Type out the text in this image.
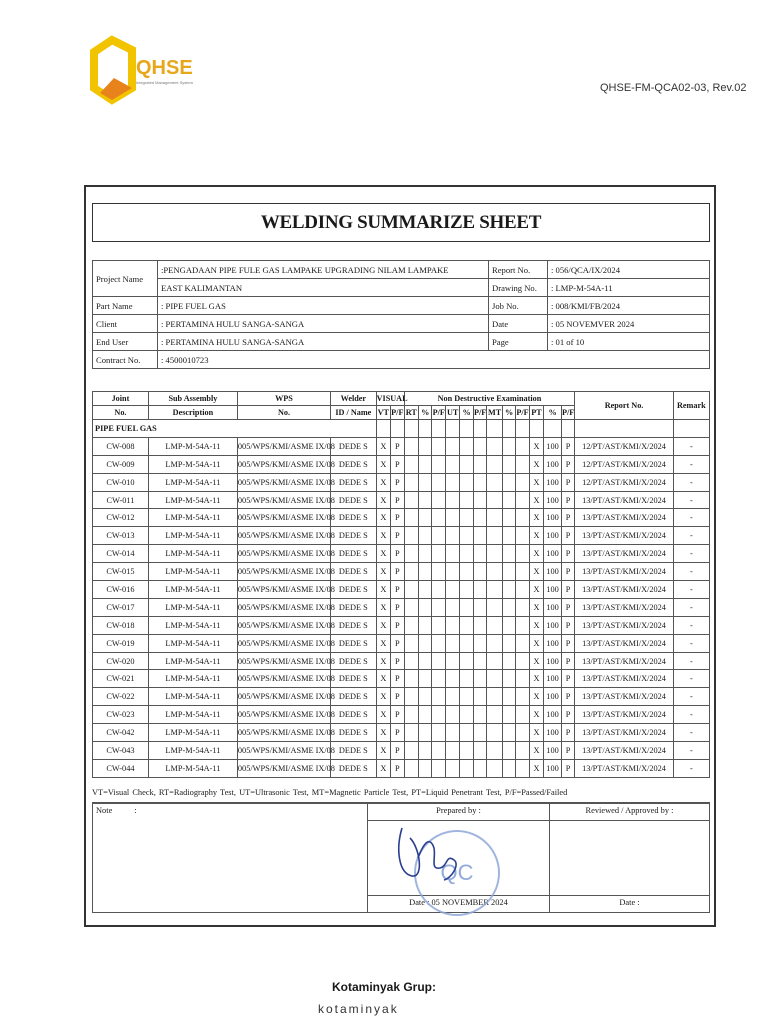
QHSE
Integrated Management System	QHSE-FM-QCA02-03, Rev.02
WELDING SUMMARIZE SHEET
Project Name	:PENGADAAN PIPE FULE GAS LAMPAKE UPGRADING NILAM LAMPAKE	Report No.	: 056/QCA/IX/2024
	EAST KALIMANTAN	Drawing No.	: LMP-M-54A-11
Part Name	: PIPE FUEL GAS	Job No.	: 008/KMI/FB/2024
Client	: PERTAMINA HULU SANGA-SANGA	Date	: 05 NOVEMVER 2024
End User	: PERTAMINA HULU SANGA-SANGA	Page	: 01 of 10
Contract No.	: 4500010723		
Joint	Sub Assembly	WPS	Welder	VISUAL		Non Destructive Examination												Report No.	Remark
No.	Description	No.	ID / Name	VT	P/F	RT	%	P/F	UT	%	P/F	MT	%	P/F	PT	%	P/F		
PIPE FUEL GAS																			
CW-008	LMP-M-54A-11	005/WPS/KMI/ASME IX/08	DEDE S	X	P										X	100	P	12/PT/AST/KMI/X/2024	-
CW-009	LMP-M-54A-11	005/WPS/KMI/ASME IX/08	DEDE S	X	P										X	100	P	12/PT/AST/KMI/X/2024	-
CW-010	LMP-M-54A-11	005/WPS/KMI/ASME IX/08	DEDE S	X	P										X	100	P	12/PT/AST/KMI/X/2024	-
CW-011	LMP-M-54A-11	005/WPS/KMI/ASME IX/08	DEDE S	X	P										X	100	P	13/PT/AST/KMI/X/2024	-
CW-012	LMP-M-54A-11	005/WPS/KMI/ASME IX/08	DEDE S	X	P										X	100	P	13/PT/AST/KMI/X/2024	-
CW-013	LMP-M-54A-11	005/WPS/KMI/ASME IX/08	DEDE S	X	P										X	100	P	13/PT/AST/KMI/X/2024	-
CW-014	LMP-M-54A-11	005/WPS/KMI/ASME IX/08	DEDE S	X	P										X	100	P	13/PT/AST/KMI/X/2024	-
CW-015	LMP-M-54A-11	005/WPS/KMI/ASME IX/08	DEDE S	X	P										X	100	P	13/PT/AST/KMI/X/2024	-
CW-016	LMP-M-54A-11	005/WPS/KMI/ASME IX/08	DEDE S	X	P										X	100	P	13/PT/AST/KMI/X/2024	-
CW-017	LMP-M-54A-11	005/WPS/KMI/ASME IX/08	DEDE S	X	P										X	100	P	13/PT/AST/KMI/X/2024	-
CW-018	LMP-M-54A-11	005/WPS/KMI/ASME IX/08	DEDE S	X	P										X	100	P	13/PT/AST/KMI/X/2024	-
CW-019	LMP-M-54A-11	005/WPS/KMI/ASME IX/08	DEDE S	X	P										X	100	P	13/PT/AST/KMI/X/2024	-
CW-020	LMP-M-54A-11	005/WPS/KMI/ASME IX/08	DEDE S	X	P										X	100	P	13/PT/AST/KMI/X/2024	-
CW-021	LMP-M-54A-11	005/WPS/KMI/ASME IX/08	DEDE S	X	P										X	100	P	13/PT/AST/KMI/X/2024	-
CW-022	LMP-M-54A-11	005/WPS/KMI/ASME IX/08	DEDE S	X	P										X	100	P	13/PT/AST/KMI/X/2024	-
CW-023	LMP-M-54A-11	005/WPS/KMI/ASME IX/08	DEDE S	X	P										X	100	P	13/PT/AST/KMI/X/2024	-
CW-042	LMP-M-54A-11	005/WPS/KMI/ASME IX/08	DEDE S	X	P										X	100	P	13/PT/AST/KMI/X/2024	-
CW-043	LMP-M-54A-11	005/WPS/KMI/ASME IX/08	DEDE S	X	P										X	100	P	13/PT/AST/KMI/X/2024	-
CW-044	LMP-M-54A-11	005/WPS/KMI/ASME IX/08	DEDE S	X	P										X	100	P	13/PT/AST/KMI/X/2024	-
VT=Visual Check, RT=Radiography Test, UT=Ultrasonic Test, MT=Magnetic Particle Test, PT=Liquid Penetrant Test, P/F=Passed/Failed
Note :	Prepared by :	Reviewed / Approved by :

	Date : 05 NOVEMBER 2024	Date :
QC
Kotaminyak Grup:
kotaminyak
